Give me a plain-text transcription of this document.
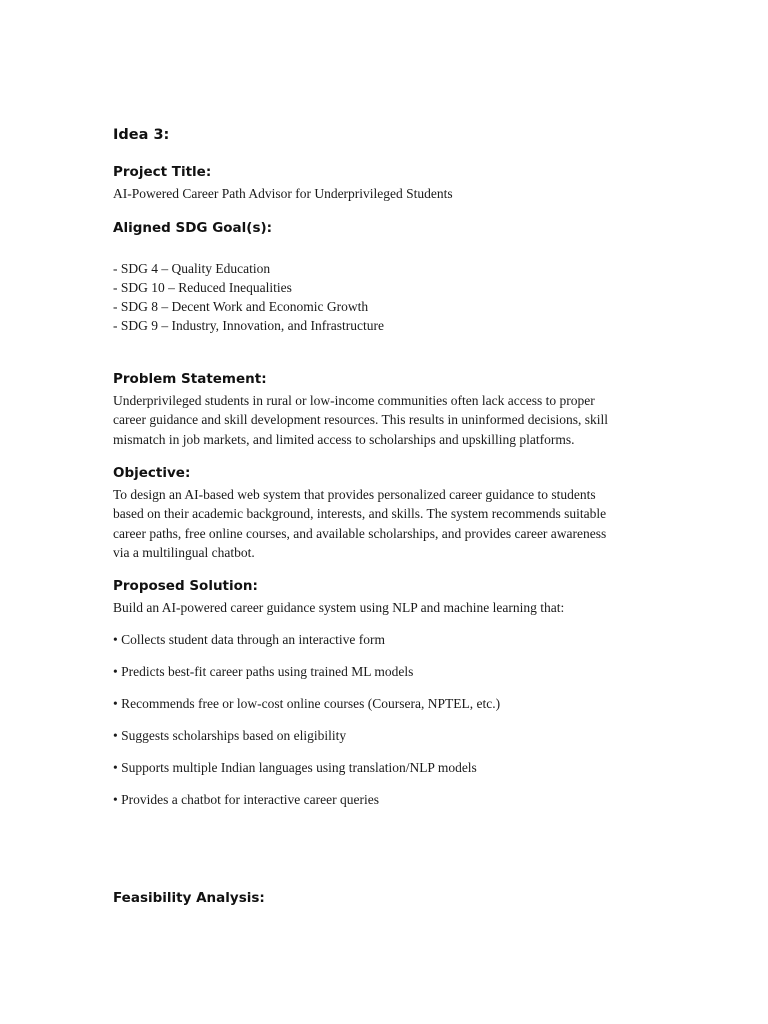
Idea 3:
Project Title:

AI-Powered Career Path Advisor for Underprivileged Students

Aligned SDG Goal(s):
- SDG 4 – Quality Education
- SDG 10 – Reduced Inequalities
- SDG 8 – Decent Work and Economic Growth
- SDG 9 – Industry, Innovation, and Infrastructure
Problem Statement:
Underprivileged students in rural or low-income communities often lack access to proper
career guidance and skill development resources. This results in uninformed decisions, skill
mismatch in job markets, and limited access to scholarships and upskilling platforms.
Objective:
To design an AI-based web system that provides personalized career guidance to students
based on their academic background, interests, and skills. The system recommends suitable
career paths, free online courses, and available scholarships, and provides career awareness
via a multilingual chatbot.
Proposed Solution:

Build an AI-powered career guidance system using NLP and machine learning that:

• Collects student data through an interactive form
• Predicts best-fit career paths using trained ML models
• Recommends free or low-cost online courses (Coursera, NPTEL, etc.)
• Suggests scholarships based on eligibility
• Supports multiple Indian languages using translation/NLP models
• Provides a chatbot for interactive career queries
Feasibility Analysis:
